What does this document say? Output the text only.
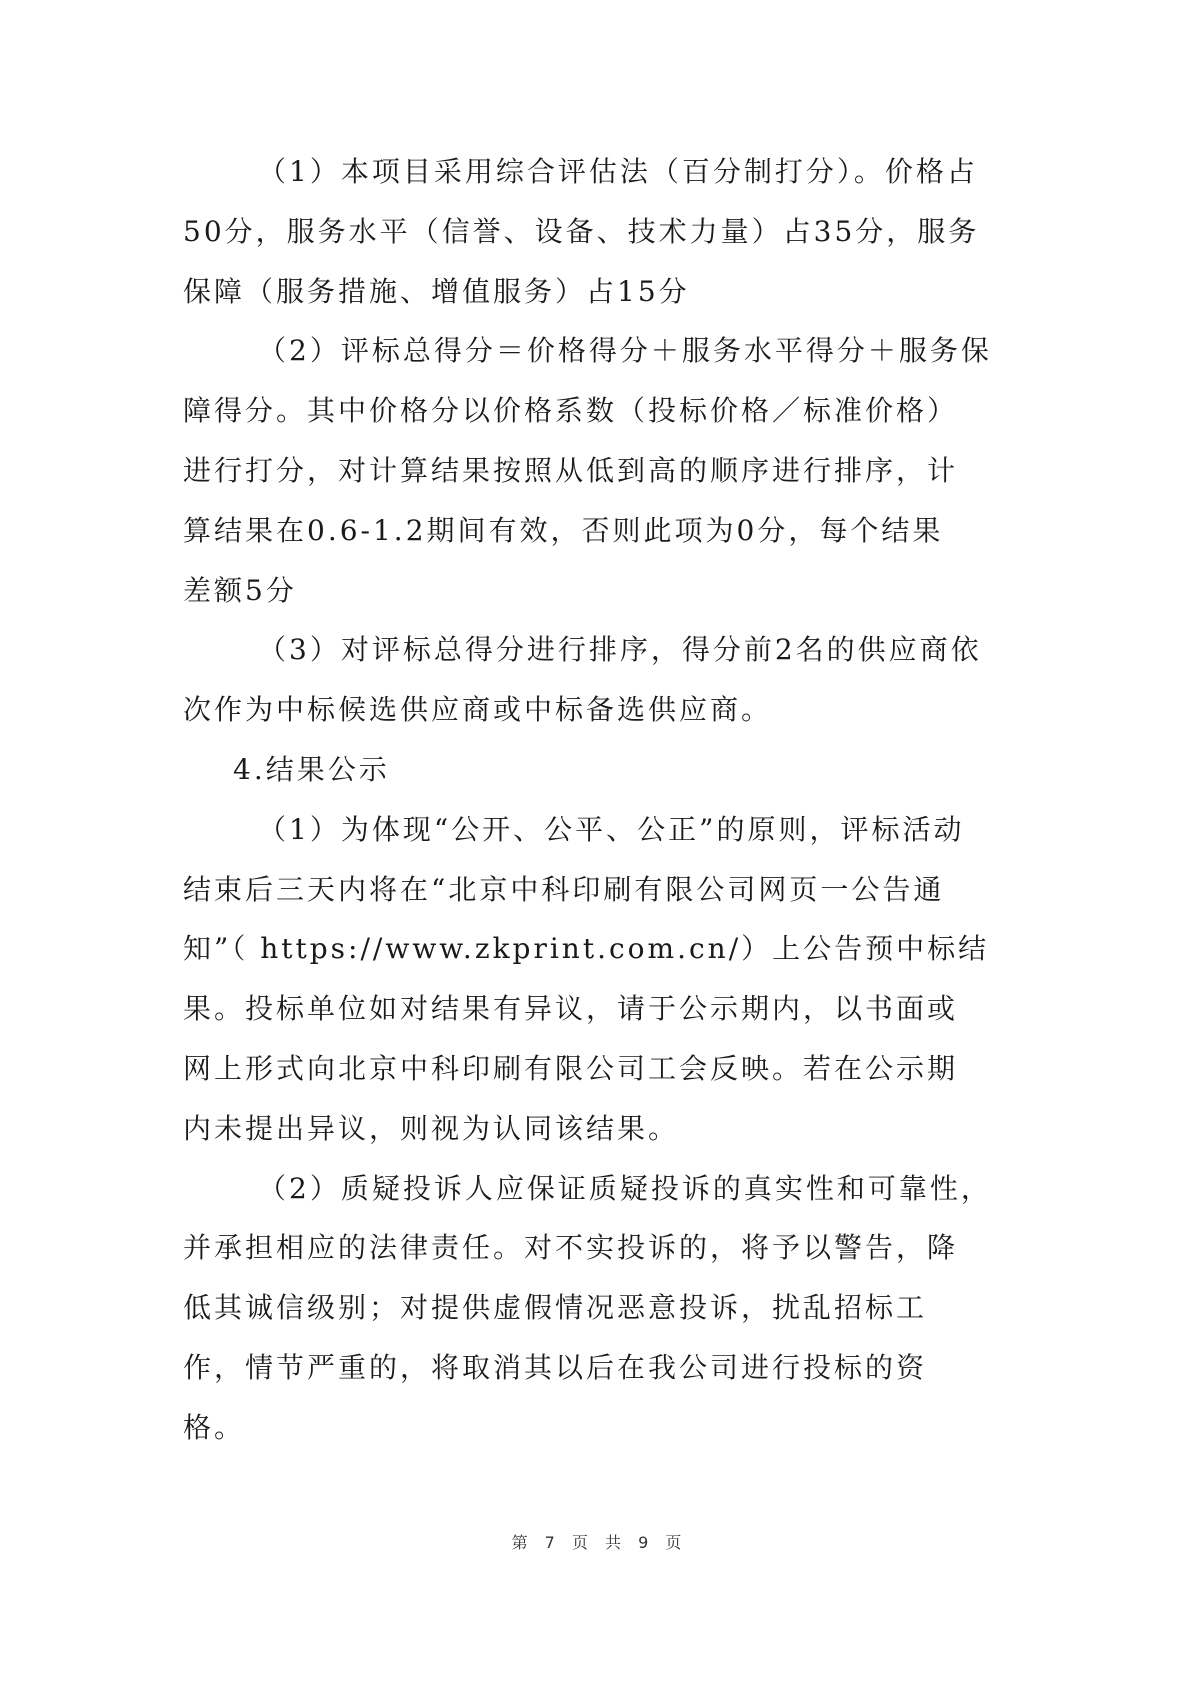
（1）本项目采用综合评估法（百分制打分）。价格占
50分，服务水平（信誉、设备、技术力量）占35分，服务
保障（服务措施、增值服务）占15分

（2）评标总得分＝价格得分＋服务水平得分＋服务保
障得分。其中价格分以价格系数（投标价格／标准价格）
进行打分，对计算结果按照从低到高的顺序进行排序，计
算结果在0.6-1.2期间有效，否则此项为0分，每个结果
差额5分

（3）对评标总得分进行排序，得分前2名的供应商依
次作为中标候选供应商或中标备选供应商。

4.结果公示

（1）为体现“公开、公平、公正”的原则，评标活动
结束后三天内将在“北京中科印刷有限公司网页一公告通
知”（ https://www.zkprint.com.cn/）上公告预中标结
果。投标单位如对结果有异议，请于公示期内，以书面或
网上形式向北京中科印刷有限公司工会反映。若在公示期
内未提出异议，则视为认同该结果。

（2）质疑投诉人应保证质疑投诉的真实性和可靠性，
并承担相应的法律责任。对不实投诉的，将予以警告，降
低其诚信级别；对提供虚假情况恶意投诉，扰乱招标工
作，情节严重的，将取消其以后在我公司进行投标的资
格。

第 7 页 共 9 页
